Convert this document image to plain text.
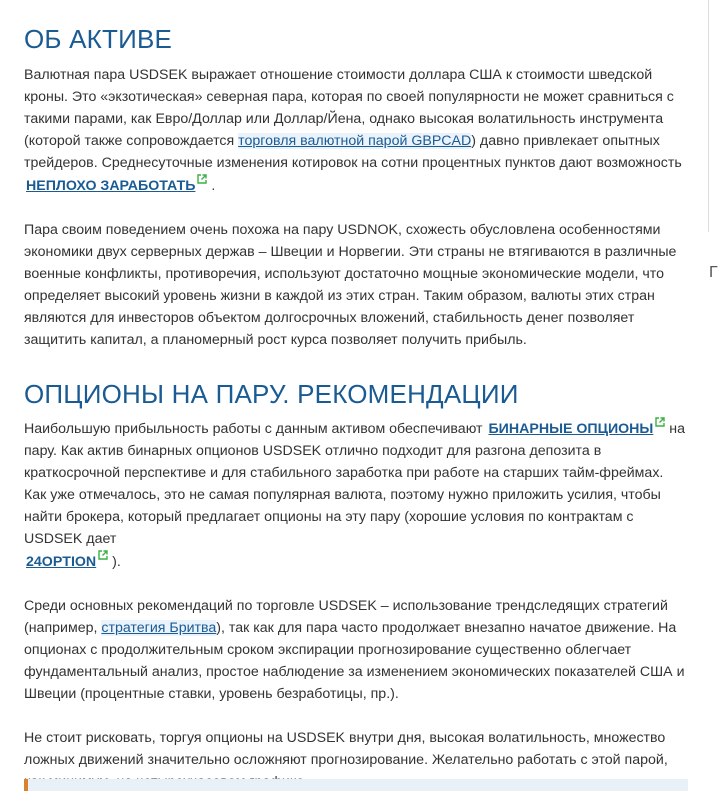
Г
ОБ АКТИВЕ

Валютная пара USDSEK выражает отношение стоимости доллара США к стоимости шведской кроны. Это «экзотическая» северная пара, которая по своей популярности не может сравниться с такими парами, как Евро/Доллар или Доллар/Йена, однако высокая волатильность инструмента (которой также сопровождается торговля валютной парой GBPCAD) давно привлекает опытных трейдеров. Среднесуточные изменения котировок на сотни процентных пунктов дают возможность
НЕПЛОХО ЗАРАБОТАТЬ .

Пара своим поведением очень похожа на пару USDNOK, схожесть обусловлена особенностями экономики двух серверных держав – Швеции и Норвегии. Эти страны не втягиваются в различные военные конфликты, противоречия, используют достаточно мощные экономические модели, что определяет высокий уровень жизни в каждой из этих стран. Таким образом, валюты этих стран являются для инвесторов объектом долгосрочных вложений, стабильность денег позволяет защитить капитал, а планомерный рост курса позволяет получить прибыль.

ОПЦИОНЫ НА ПАРУ. РЕКОМЕНДАЦИИ

Наибольшую прибыльность работы с данным активом обеспечивают БИНАРНЫЕ ОПЦИОНЫ на пару. Как актив бинарных опционов USDSEK отлично подходит для разгона депозита в краткосрочной перспективе и для стабильного заработка при работе на старших тайм-фреймах. Как уже отмечалось, это не самая популярная валюта, поэтому нужно приложить усилия, чтобы найти брокера, который предлагает опционы на эту пару (хорошие условия по контрактам с USDSEK дает
24OPTION ).

Среди основных рекомендаций по торговле USDSEK – использование трендследящих стратегий (например, стратегия Бритва), так как для пара часто продолжает внезапно начатое движение. На опционах с продолжительным сроком экспирации прогнозирование существенно облегчает фундаментальный анализ, простое наблюдение за изменением экономических показателей США и Швеции (процентные ставки, уровень безработицы, пр.).

Не стоит рисковать, торгуя опционы на USDSEK внутри дня, высокая волатильность, множество ложных движений значительно осложняют прогнозирование. Желательно работать с этой парой,
